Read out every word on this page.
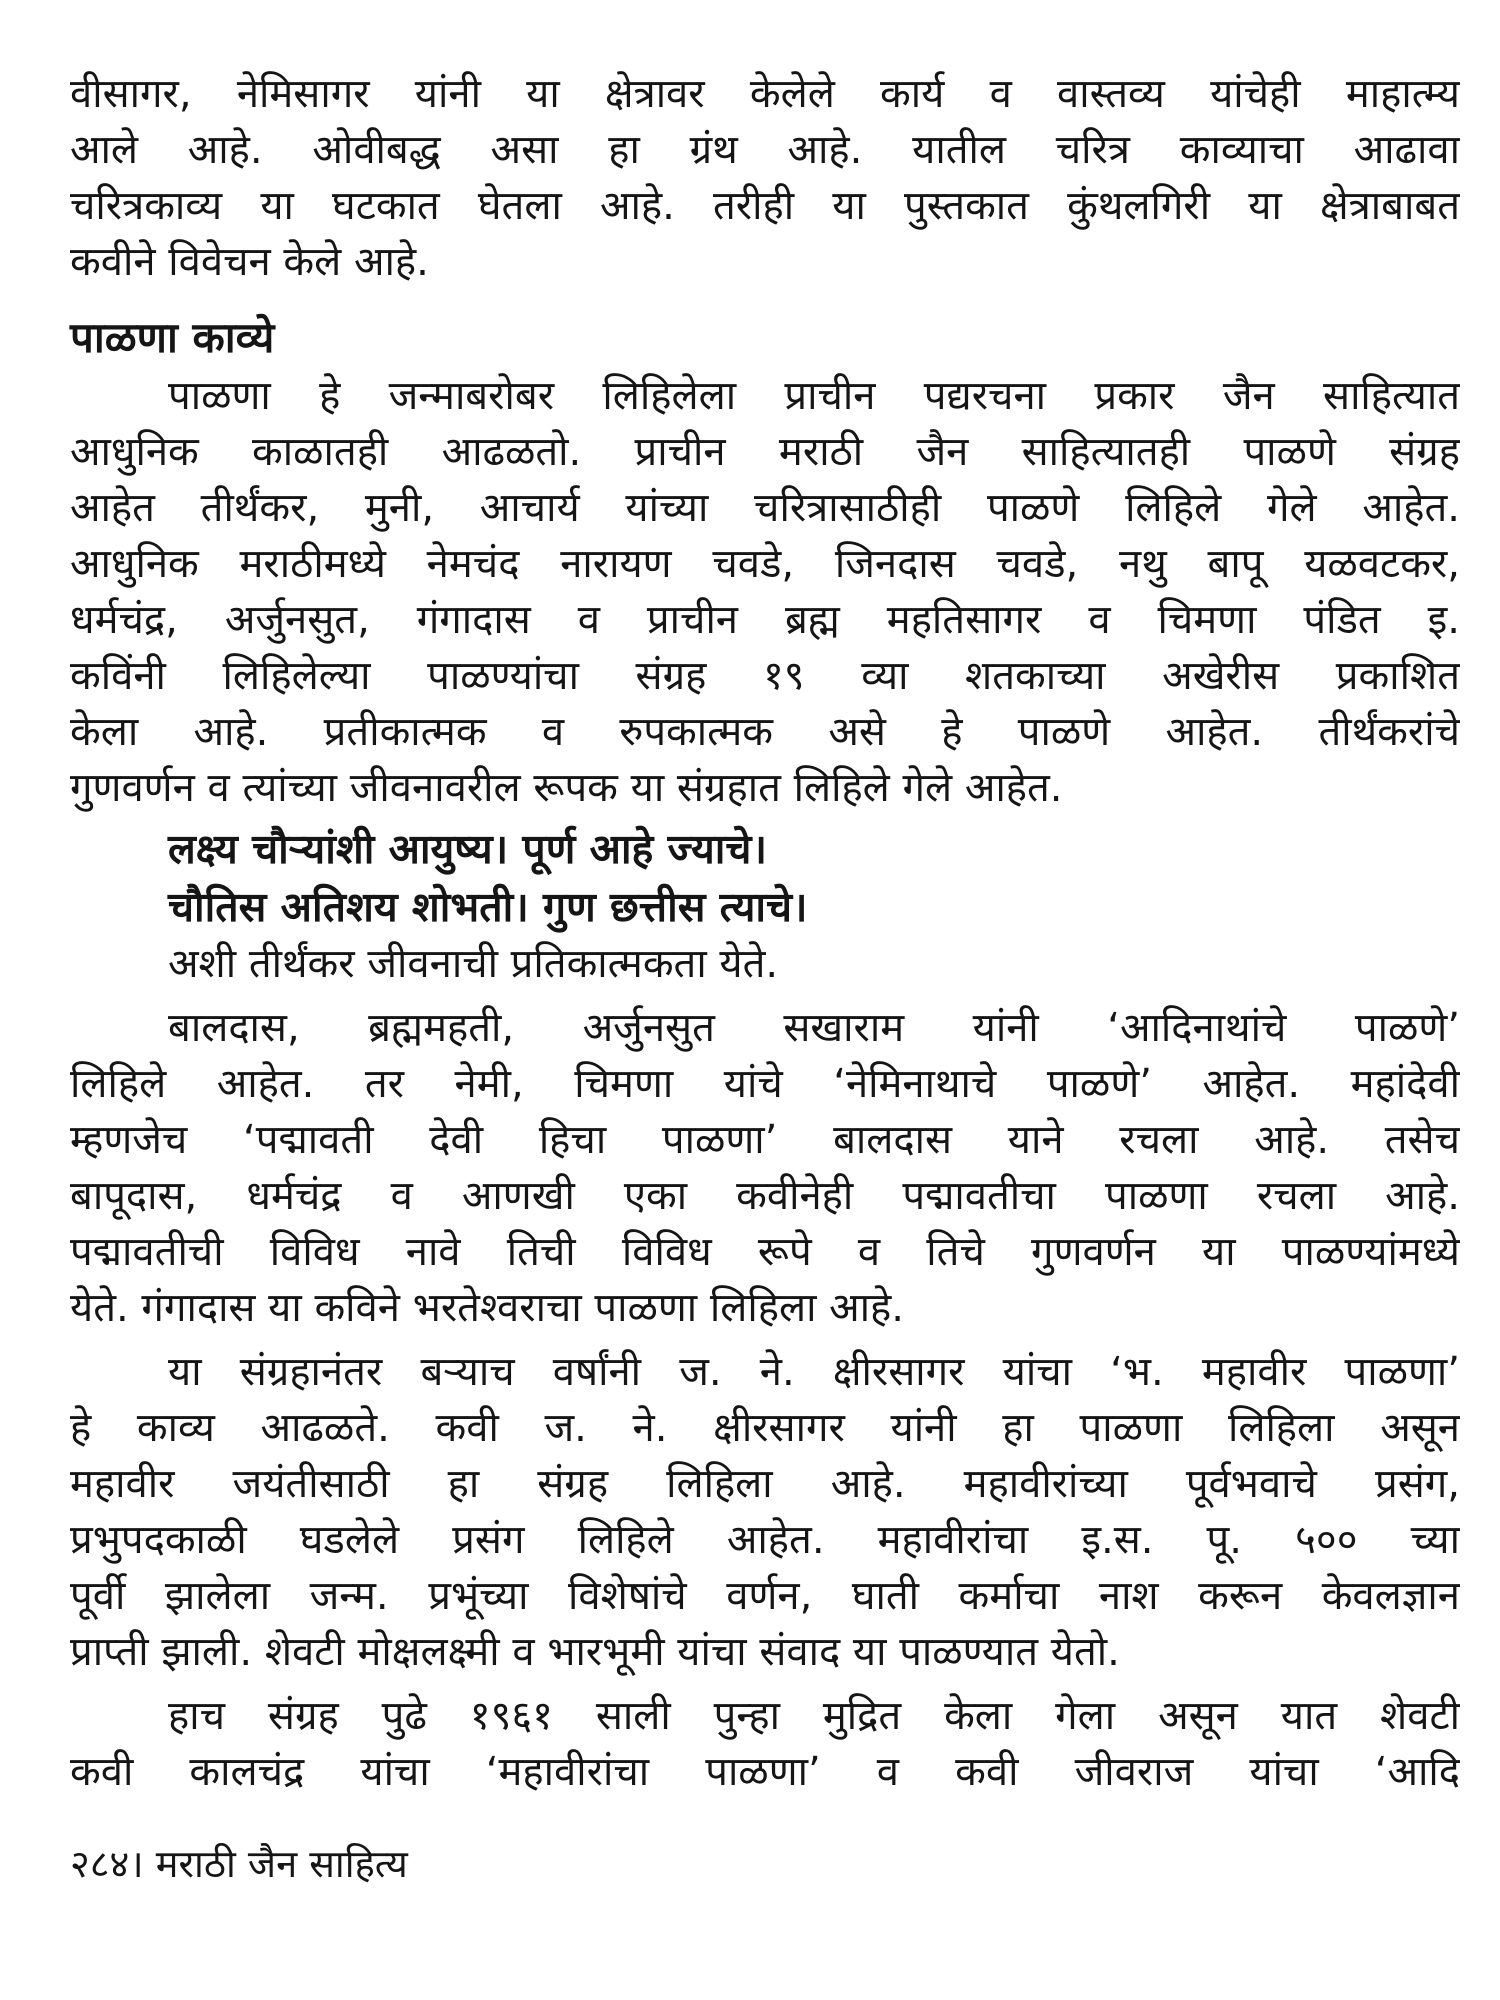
वीसागर, नेमिसागर यांनी या क्षेत्रावर केलेले कार्य व वास्तव्य यांचेही माहात्म्य
आले आहे. ओवीबद्ध असा हा ग्रंथ आहे. यातील चरित्र काव्याचा आढावा
चरित्रकाव्य या घटकात घेतला आहे. तरीही या पुस्तकात कुंथलगिरी या क्षेत्राबाबत
कवीने विवेचन केले आहे.
पाळणा काव्ये
पाळणा हे जन्माबरोबर लिहिलेला प्राचीन पद्यरचना प्रकार जैन साहित्यात
आधुनिक काळातही आढळतो. प्राचीन मराठी जैन साहित्यातही पाळणे संग्रह
आहेत तीर्थंकर, मुनी, आचार्य यांच्या चरित्रासाठीही पाळणे लिहिले गेले आहेत.
आधुनिक मराठीमध्ये नेमचंद नारायण चवडे, जिनदास चवडे, नथु बापू यळवटकर,
धर्मचंद्र, अर्जुनसुत, गंगादास व प्राचीन ब्रह्म महतिसागर व चिमणा पंडित इ.
कविंनी लिहिलेल्या पाळण्यांचा संग्रह १९ व्या शतकाच्या अखेरीस प्रकाशित
केला आहे. प्रतीकात्मक व रुपकात्मक असे हे पाळणे आहेत. तीर्थंकरांचे
गुणवर्णन व त्यांच्या जीवनावरील रूपक या संग्रहात लिहिले गेले आहेत.
लक्ष्य चौऱ्यांशी आयुष्य। पूर्ण आहे ज्याचे।
चौतिस अतिशय शोभती। गुण छत्तीस त्याचे।
अशी तीर्थंकर जीवनाची प्रतिकात्मकता येते.
बालदास, ब्रह्ममहती, अर्जुनसुत सखाराम यांनी ‘आदिनाथांचे पाळणे’
लिहिले आहेत. तर नेमी, चिमणा यांचे ‘नेमिनाथाचे पाळणे’ आहेत. महांदेवी
म्हणजेच ‘पद्मावती देवी हिचा पाळणा’ बालदास याने रचला आहे. तसेच
बापूदास, धर्मचंद्र व आणखी एका कवीनेही पद्मावतीचा पाळणा रचला आहे.
पद्मावतीची विविध नावे तिची विविध रूपे व तिचे गुणवर्णन या पाळण्यांमध्ये
येते. गंगादास या कविने भरतेश्वराचा पाळणा लिहिला आहे.
या संग्रहानंतर बऱ्याच वर्षांनी ज. ने. क्षीरसागर यांचा ‘भ. महावीर पाळणा’
हे काव्य आढळते. कवी ज. ने. क्षीरसागर यांनी हा पाळणा लिहिला असून
महावीर जयंतीसाठी हा संग्रह लिहिला आहे. महावीरांच्या पूर्वभवाचे प्रसंग,
प्रभुपदकाळी घडलेले प्रसंग लिहिले आहेत. महावीरांचा इ.स. पू. ५०० च्या
पूर्वी झालेला जन्म. प्रभूंच्या विशेषांचे वर्णन, घाती कर्माचा नाश करून केवलज्ञान
प्राप्ती झाली. शेवटी मोक्षलक्ष्मी व भारभूमी यांचा संवाद या पाळण्यात येतो.
हाच संग्रह पुढे १९६१ साली पुन्हा मुद्रित केला गेला असून यात शेवटी
कवी कालचंद्र यांचा ‘महावीरांचा पाळणा’ व कवी जीवराज यांचा ‘आदि
२८४। मराठी जैन साहित्य
